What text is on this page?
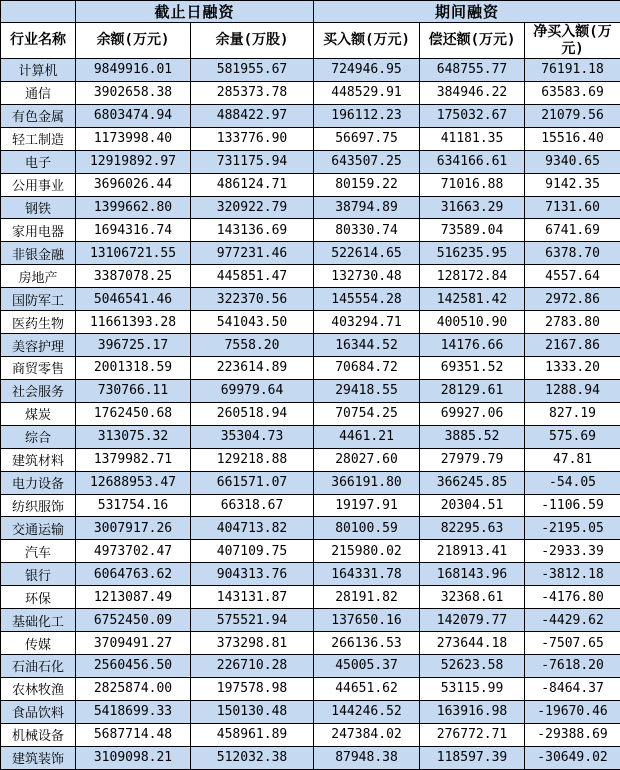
	截止日融资		期间融资		
行业名称	余额(万元)	余量(万股)	买入额(万元)	偿还额(万元)	净买入额(万元)
计算机	9849916.01	581955.67	724946.95	648755.77	76191.18
通信	3902658.38	285373.78	448529.91	384946.22	63583.69
有色金属	6803474.94	488422.97	196112.23	175032.67	21079.56
轻工制造	1173998.40	133776.90	56697.75	41181.35	15516.40
电子	12919892.97	731175.94	643507.25	634166.61	9340.65
公用事业	3696026.44	486124.71	80159.22	71016.88	9142.35
钢铁	1399662.80	320922.79	38794.89	31663.29	7131.60
家用电器	1694316.74	143136.69	80330.74	73589.04	6741.69
非银金融	13106721.55	977231.46	522614.65	516235.95	6378.70
房地产	3387078.25	445851.47	132730.48	128172.84	4557.64
国防军工	5046541.46	322370.56	145554.28	142581.42	2972.86
医药生物	11661393.28	541043.50	403294.71	400510.90	2783.80
美容护理	396725.17	7558.20	16344.52	14176.66	2167.86
商贸零售	2001318.59	223614.89	70684.72	69351.52	1333.20
社会服务	730766.11	69979.64	29418.55	28129.61	1288.94
煤炭	1762450.68	260518.94	70754.25	69927.06	827.19
综合	313075.32	35304.73	4461.21	3885.52	575.69
建筑材料	1379982.71	129218.88	28027.60	27979.79	47.81
电力设备	12688953.47	661571.07	366191.80	366245.85	-54.05
纺织服饰	531754.16	66318.67	19197.91	20304.51	-1106.59
交通运输	3007917.26	404713.82	80100.59	82295.63	-2195.05
汽车	4973702.47	407109.75	215980.02	218913.41	-2933.39
银行	6064763.62	904313.76	164331.78	168143.96	-3812.18
环保	1213087.49	143131.87	28191.82	32368.61	-4176.80
基础化工	6752450.09	575521.94	137650.16	142079.77	-4429.62
传媒	3709491.27	373298.81	266136.53	273644.18	-7507.65
石油石化	2560456.50	226710.28	45005.37	52623.58	-7618.20
农林牧渔	2825874.00	197578.98	44651.62	53115.99	-8464.37
食品饮料	5418699.33	150130.48	144246.52	163916.98	-19670.46
机械设备	5687714.48	458961.89	247384.02	276772.71	-29388.69
建筑装饰	3109098.21	512032.38	87948.38	118597.39	-30649.02
